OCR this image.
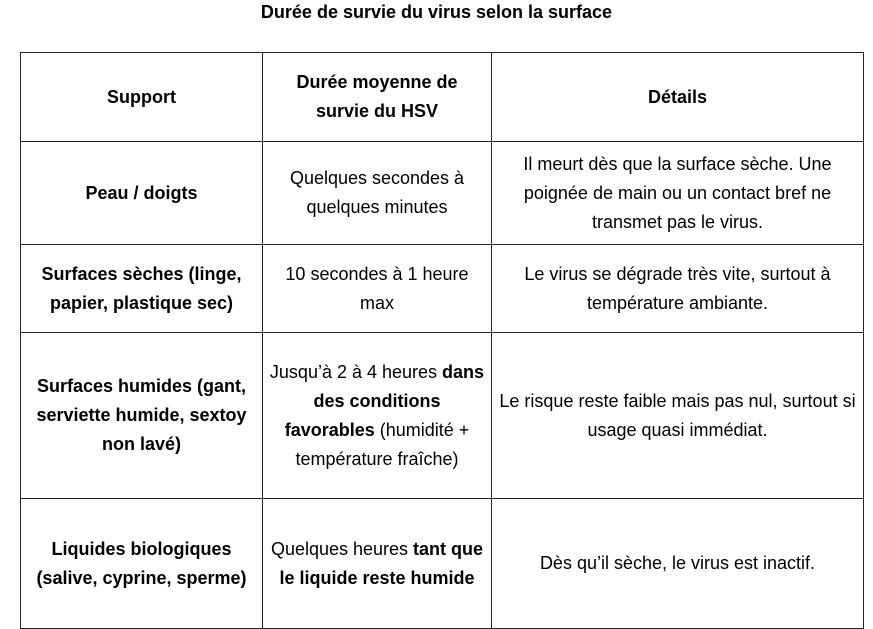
Durée de survie du virus selon la surface
Support	Durée moyenne de survie du HSV	Détails
Peau / doigts	Quelques secondes à quelques minutes	Il meurt dès que la surface sèche. Une poignée de main ou un contact bref ne transmet pas le virus.
Surfaces sèches (linge, papier, plastique sec)	10 secondes à 1 heure max	Le virus se dégrade très vite, surtout à température ambiante.
Surfaces humides (gant, serviette humide, sextoy non lavé)	Jusqu’à 2 à 4 heures dans des conditions favorables (humidité + température fraîche)	Le risque reste faible mais pas nul, surtout si usage quasi immédiat.
Liquides biologiques (salive, cyprine, sperme)	Quelques heures tant que le liquide reste humide	Dès qu’il sèche, le virus est inactif.
